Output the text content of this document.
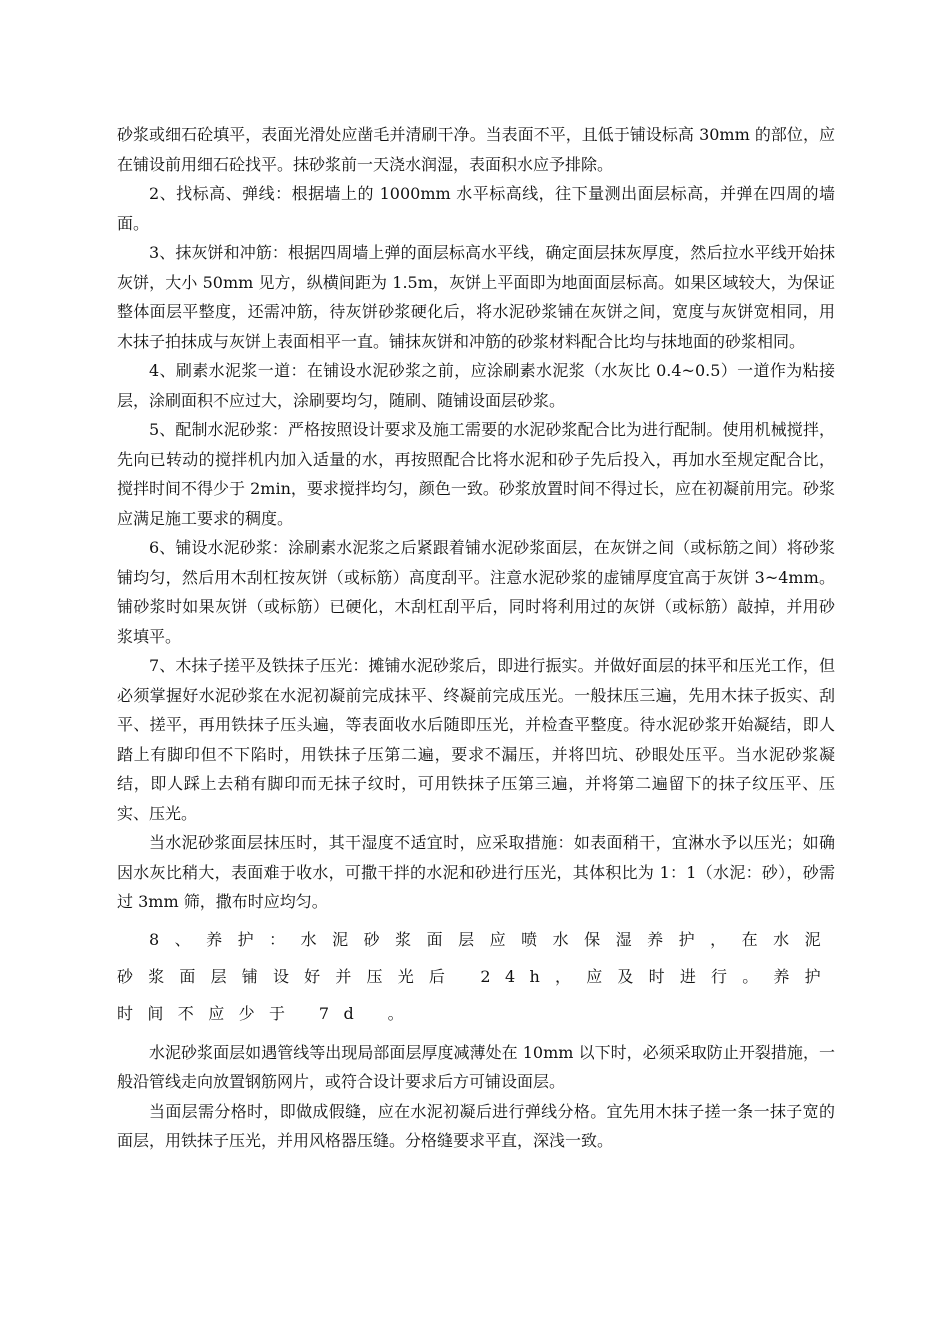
砂浆或细石砼填平，表面光滑处应凿毛并清刷干净。当表面不平，且低于铺设标高 30mm 的部位，应在铺设前用细石砼找平。抹砂浆前一天浇水润湿，表面积水应予排除。

2、找标高、弹线：根据墙上的 1000mm 水平标高线，往下量测出面层标高，并弹在四周的墙面。

3、抹灰饼和冲筋：根据四周墙上弹的面层标高水平线，确定面层抹灰厚度，然后拉水平线开始抹灰饼，大小 50mm 见方，纵横间距为 1.5m，灰饼上平面即为地面面层标高。如果区域较大，为保证整体面层平整度，还需冲筋，待灰饼砂浆硬化后，将水泥砂浆铺在灰饼之间，宽度与灰饼宽相同，用木抹子拍抹成与灰饼上表面相平一直。铺抹灰饼和冲筋的砂浆材料配合比均与抹地面的砂浆相同。

4、刷素水泥浆一道：在铺设水泥砂浆之前，应涂刷素水泥浆（水灰比 0.4~0.5）一道作为粘接层，涂刷面积不应过大，涂刷要均匀，随刷、随铺设面层砂浆。

5、配制水泥砂浆：严格按照设计要求及施工需要的水泥砂浆配合比为进行配制。使用机械搅拌，先向已转动的搅拌机内加入适量的水，再按照配合比将水泥和砂子先后投入，再加水至规定配合比，搅拌时间不得少于 2min，要求搅拌均匀，颜色一致。砂浆放置时间不得过长，应在初凝前用完。砂浆应满足施工要求的稠度。

6、铺设水泥砂浆：涂刷素水泥浆之后紧跟着铺水泥砂浆面层，在灰饼之间（或标筋之间）将砂浆铺均匀，然后用木刮杠按灰饼（或标筋）高度刮平。注意水泥砂浆的虚铺厚度宜高于灰饼 3~4mm。铺砂浆时如果灰饼（或标筋）已硬化，木刮杠刮平后，同时将利用过的灰饼（或标筋）敲掉，并用砂浆填平。

7、木抹子搓平及铁抹子压光：摊铺水泥砂浆后，即进行振实。并做好面层的抹平和压光工作，但必须掌握好水泥砂浆在水泥初凝前完成抹平、终凝前完成压光。一般抹压三遍，先用木抹子扳实、刮平、搓平，再用铁抹子压头遍，等表面收水后随即压光，并检查平整度。待水泥砂浆开始凝结，即人踏上有脚印但不下陷时，用铁抹子压第二遍，要求不漏压，并将凹坑、砂眼处压平。当水泥砂浆凝结，即人踩上去稍有脚印而无抹子纹时，可用铁抹子压第三遍，并将第二遍留下的抹子纹压平、压实、压光。

当水泥砂浆面层抹压时，其干湿度不适宜时，应采取措施：如表面稍干，宜淋水予以压光；如确因水灰比稍大，表面难于收水，可撒干拌的水泥和砂进行压光，其体积比为 1：1（水泥：砂），砂需过 3mm 筛，撒布时应均匀。

8、养护：水泥砂浆面层应喷水保湿养护，在水泥砂浆面层铺设好并压光后 24h，应及时进行。养护时间不应少于 7d 。

水泥砂浆面层如遇管线等出现局部面层厚度减薄处在 10mm 以下时，必须采取防止开裂措施，一般沿管线走向放置钢筋网片，或符合设计要求后方可铺设面层。

当面层需分格时，即做成假缝，应在水泥初凝后进行弹线分格。宜先用木抹子搓一条一抹子宽的面层，用铁抹子压光，并用风格器压缝。分格缝要求平直，深浅一致。
